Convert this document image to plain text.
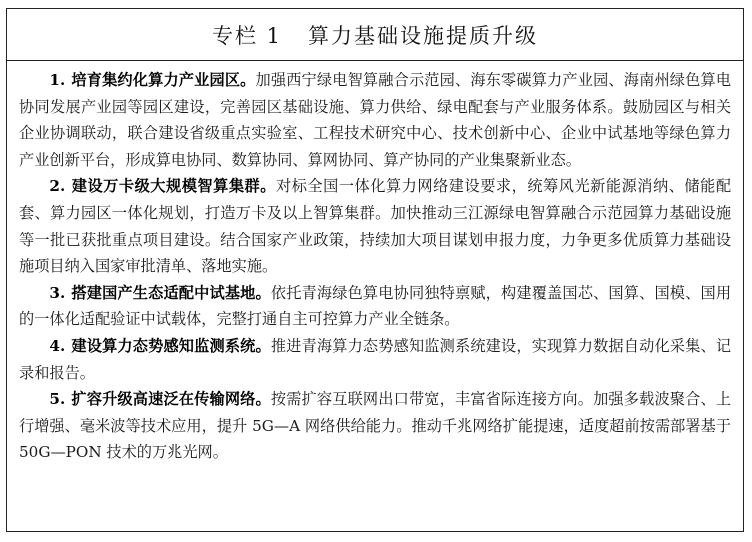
专栏 1 算力基础设施提质升级

1. 培育集约化算力产业园区。加强西宁绿电智算融合示范园、海东零碳算力产业园、海南州绿色算电协同发展产业园等园区建设，完善园区基础设施、算力供给、绿电配套与产业服务体系。鼓励园区与相关企业协调联动，联合建设省级重点实验室、工程技术研究中心、技术创新中心、企业中试基地等绿色算力产业创新平台，形成算电协同、数算协同、算网协同、算产协同的产业集聚新业态。

2. 建设万卡级大规模智算集群。对标全国一体化算力网络建设要求，统筹风光新能源消纳、储能配套、算力园区一体化规划，打造万卡及以上智算集群。加快推动三江源绿电智算融合示范园算力基础设施等一批已获批重点项目建设。结合国家产业政策，持续加大项目谋划申报力度，力争更多优质算力基础设施项目纳入国家审批清单、落地实施。

3. 搭建国产生态适配中试基地。依托青海绿色算电协同独特禀赋，构建覆盖国芯、国算、国模、国用的一体化适配验证中试载体，完整打通自主可控算力产业全链条。

4. 建设算力态势感知监测系统。推进青海算力态势感知监测系统建设，实现算力数据自动化采集、记录和报告。

5. 扩容升级高速泛在传输网络。按需扩容互联网出口带宽，丰富省际连接方向。加强多载波聚合、上行增强、毫米波等技术应用，提升 5G—A 网络供给能力。推动千兆网络扩能提速，适度超前按需部署基于 50G—PON 技术的万兆光网。
